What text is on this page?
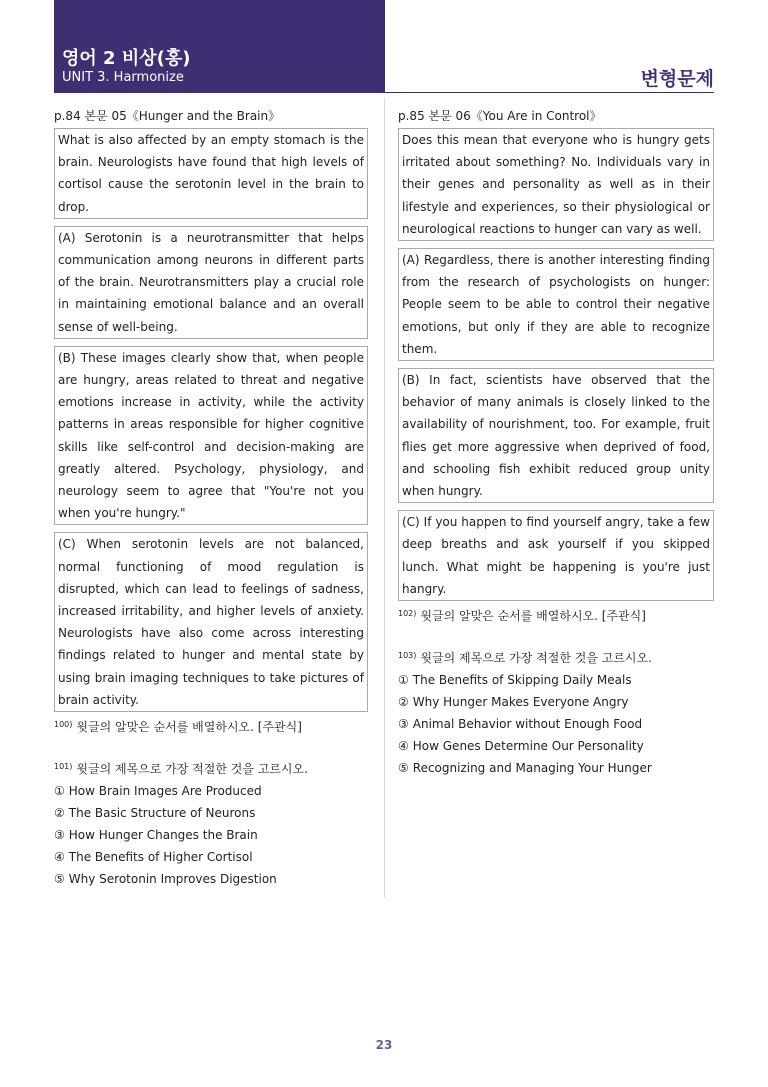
영어 2 비상(홍)
UNIT 3. Harmonize	변형문제
p.84 본문 05《Hunger and the Brain》
What is also affected by an empty stomach is the brain. Neurologists have found that high levels of cortisol cause the serotonin level in the brain to drop.
(A) Serotonin is a neurotransmitter that helps communication among neurons in different parts of the brain. Neurotransmitters play a crucial role in maintaining emotional balance and an overall sense of well-being.
(B) These images clearly show that, when people are hungry, areas related to threat and negative emotions increase in activity, while the activity patterns in areas responsible for higher cognitive skills like self-control and decision-making are greatly altered. Psychology, physiology, and neurology seem to agree that "You're not you when you're hungry."
(C) When serotonin levels are not balanced, normal functioning of mood regulation is disrupted, which can lead to feelings of sadness, increased irritability, and higher levels of anxiety. Neurologists have also come across interesting findings related to hunger and mental state by using brain imaging techniques to take pictures of brain activity.
$^{100)}$ 윗글의 알맞은 순서를 배열하시오. [주관식]
$^{101)}$ 윗글의 제목으로 가장 적절한 것을 고르시오.
① How Brain Images Are Produced
② The Basic Structure of Neurons
③ How Hunger Changes the Brain
④ The Benefits of Higher Cortisol
⑤ Why Serotonin Improves Digestion
p.85 본문 06《You Are in Control》
Does this mean that everyone who is hungry gets irritated about something? No. Individuals vary in their genes and personality as well as in their lifestyle and experiences, so their physiological or neurological reactions to hunger can vary as well.
(A) Regardless, there is another interesting finding from the research of psychologists on hunger: People seem to be able to control their negative emotions, but only if they are able to recognize them.
(B) In fact, scientists have observed that the behavior of many animals is closely linked to the availability of nourishment, too. For example, fruit flies get more aggressive when deprived of food, and schooling fish exhibit reduced group unity when hungry.
(C) If you happen to find yourself angry, take a few deep breaths and ask yourself if you skipped lunch. What might be happening is you're just hangry.
$^{102)}$ 윗글의 알맞은 순서를 배열하시오. [주관식]
$^{103)}$ 윗글의 제목으로 가장 적절한 것을 고르시오.
① The Benefits of Skipping Daily Meals
② Why Hunger Makes Everyone Angry
③ Animal Behavior without Enough Food
④ How Genes Determine Our Personality
⑤ Recognizing and Managing Your Hunger
23
